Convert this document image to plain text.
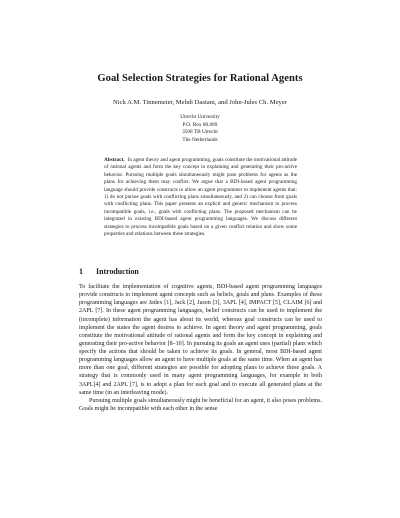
Goal Selection Strategies for Rational Agents
Nick A.M. Tinnemeier, Mehdi Dastani, and John-Jules Ch. Meyer
Utrecht University
P.O. Box 80.089
3508 TB Utrecht
The Netherlands
Abstract. In agent theory and agent programming, goals constitute the motivational attitude of rational agents and form the key concept in explaining and generating their pro-active behavior. Pursuing multiple goals simultaneously might pose problems for agents as the plans for achieving them may conflict. We argue that a BDI-based agent programming language should provide constructs to allow an agent programmer to implement agents that: 1) do not pursue goals with conflicting plans simultaneously, and 2) can choose from goals with conflicting plans. This paper presents an explicit and generic mechanism to process incompatible goals, i.e., goals with conflicting plans. The proposed mechanism can be integrated in existing BDI-based agent programming languages. We discuss different strategies to process incompatible goals based on a given conflict relation and show some properties and relations between these strategies.
1 Introduction

To facilitate the implementation of cognitive agents, BDI-based agent programming languages provide constructs to implement agent concepts such as beliefs, goals and plans. Examples of these programming languages are Jadex [1], Jack [2], Jason [3], 3APL [4], IMPACT [5], CLAIM [6] and 2APL [7]. In these agent programming languages, belief constructs can be used to implement the (incomplete) information the agent has about its world, whereas goal constructs can be used to implement the states the agent desires to achieve. In agent theory and agent programming, goals constitute the motivational attitude of rational agents and form the key concept in explaining and generating their pro-active behavior [8–10]. In pursuing its goals an agent uses (partial) plans which specify the actions that should be taken to achieve its goals. In general, most BDI-based agent programming languages allow an agent to have multiple goals at the same time. When an agent has more than one goal, different strategies are possible for adopting plans to achieve these goals. A strategy that is commonly used in many agent programming languages, for example in both 3APL[4] and 2APL [7], is to adopt a plan for each goal and to execute all generated plans at the same time (in an interleaving mode).

Pursuing multiple goals simultaneously might be beneficial for an agent, it also poses problems. Goals might be incompatible with each other in the sense
